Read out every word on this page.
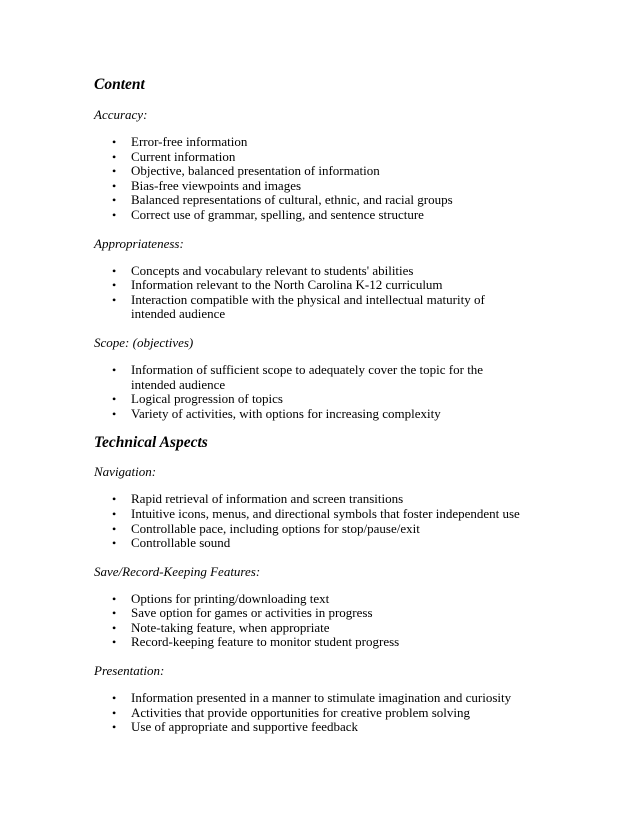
Content
Accuracy:
• Error-free information
• Current information
• Objective, balanced presentation of information
• Bias-free viewpoints and images
• Balanced representations of cultural, ethnic, and racial groups
• Correct use of grammar, spelling, and sentence structure
Appropriateness:
• Concepts and vocabulary relevant to students' abilities
• Information relevant to the North Carolina K-12 curriculum
• Interaction compatible with the physical and intellectual maturity of intended audience
Scope: (objectives)
• Information of sufficient scope to adequately cover the topic for the intended audience
• Logical progression of topics
• Variety of activities, with options for increasing complexity
Technical Aspects
Navigation:
• Rapid retrieval of information and screen transitions
• Intuitive icons, menus, and directional symbols that foster independent use
• Controllable pace, including options for stop/pause/exit
• Controllable sound
Save/Record-Keeping Features:
• Options for printing/downloading text
• Save option for games or activities in progress
• Note-taking feature, when appropriate
• Record-keeping feature to monitor student progress
Presentation:
• Information presented in a manner to stimulate imagination and curiosity
• Activities that provide opportunities for creative problem solving
• Use of appropriate and supportive feedback
